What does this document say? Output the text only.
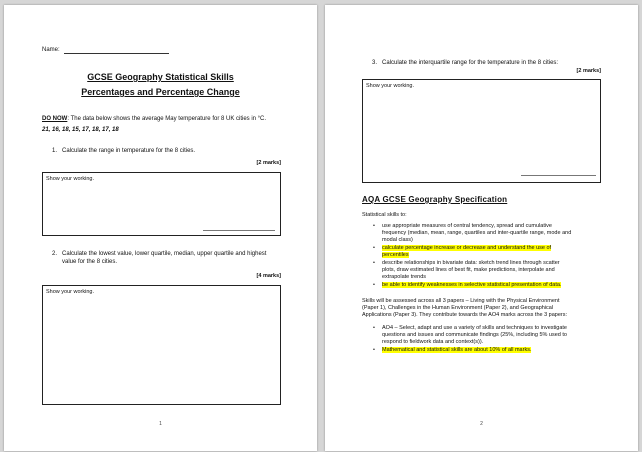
Name:
GCSE Geography Statistical Skills
Percentages and Percentage Change
DO NOW: The data below shows the average May temperature for 8 UK cities in °C.
21, 16, 18, 15, 17, 18, 17, 18
1. Calculate the range in temperature for the 8 cities.
[2 marks]
Show your working.
2. Calculate the lowest value, lower quartile, median, upper quartile and highest
value for the 8 cities.
[4 marks]
Show your working.
1
3. Calculate the interquartile range for the temperature in the 8 cities:
[2 marks]
Show your working.
AQA GCSE Geography Specification
Statistical skills to:
• use appropriate measures of central tendency, spread and cumulative
frequency (median, mean, range, quartiles and inter-quartile range, mode and
modal class)
• calculate percentage increase or decrease and understand the use of
percentiles
• describe relationships in bivariate data: sketch trend lines through scatter
plots, draw estimated lines of best fit, make predictions, interpolate and
extrapolate trends
• be able to identify weaknesses in selective statistical presentation of data.
Skills will be assessed across all 3 papers – Living with the Physical Environment
(Paper 1), Challenges in the Human Environment (Paper 2), and Geographical
Applications (Paper 3). They contribute towards the AO4 marks across the 3 papers:
• AO4 – Select, adapt and use a variety of skills and techniques to investigate
questions and issues and communicate findings (25%, including 5% used to
respond to fieldwork data and context(s)).
• Mathematical and statistical skills are about 10% of all marks.
2
